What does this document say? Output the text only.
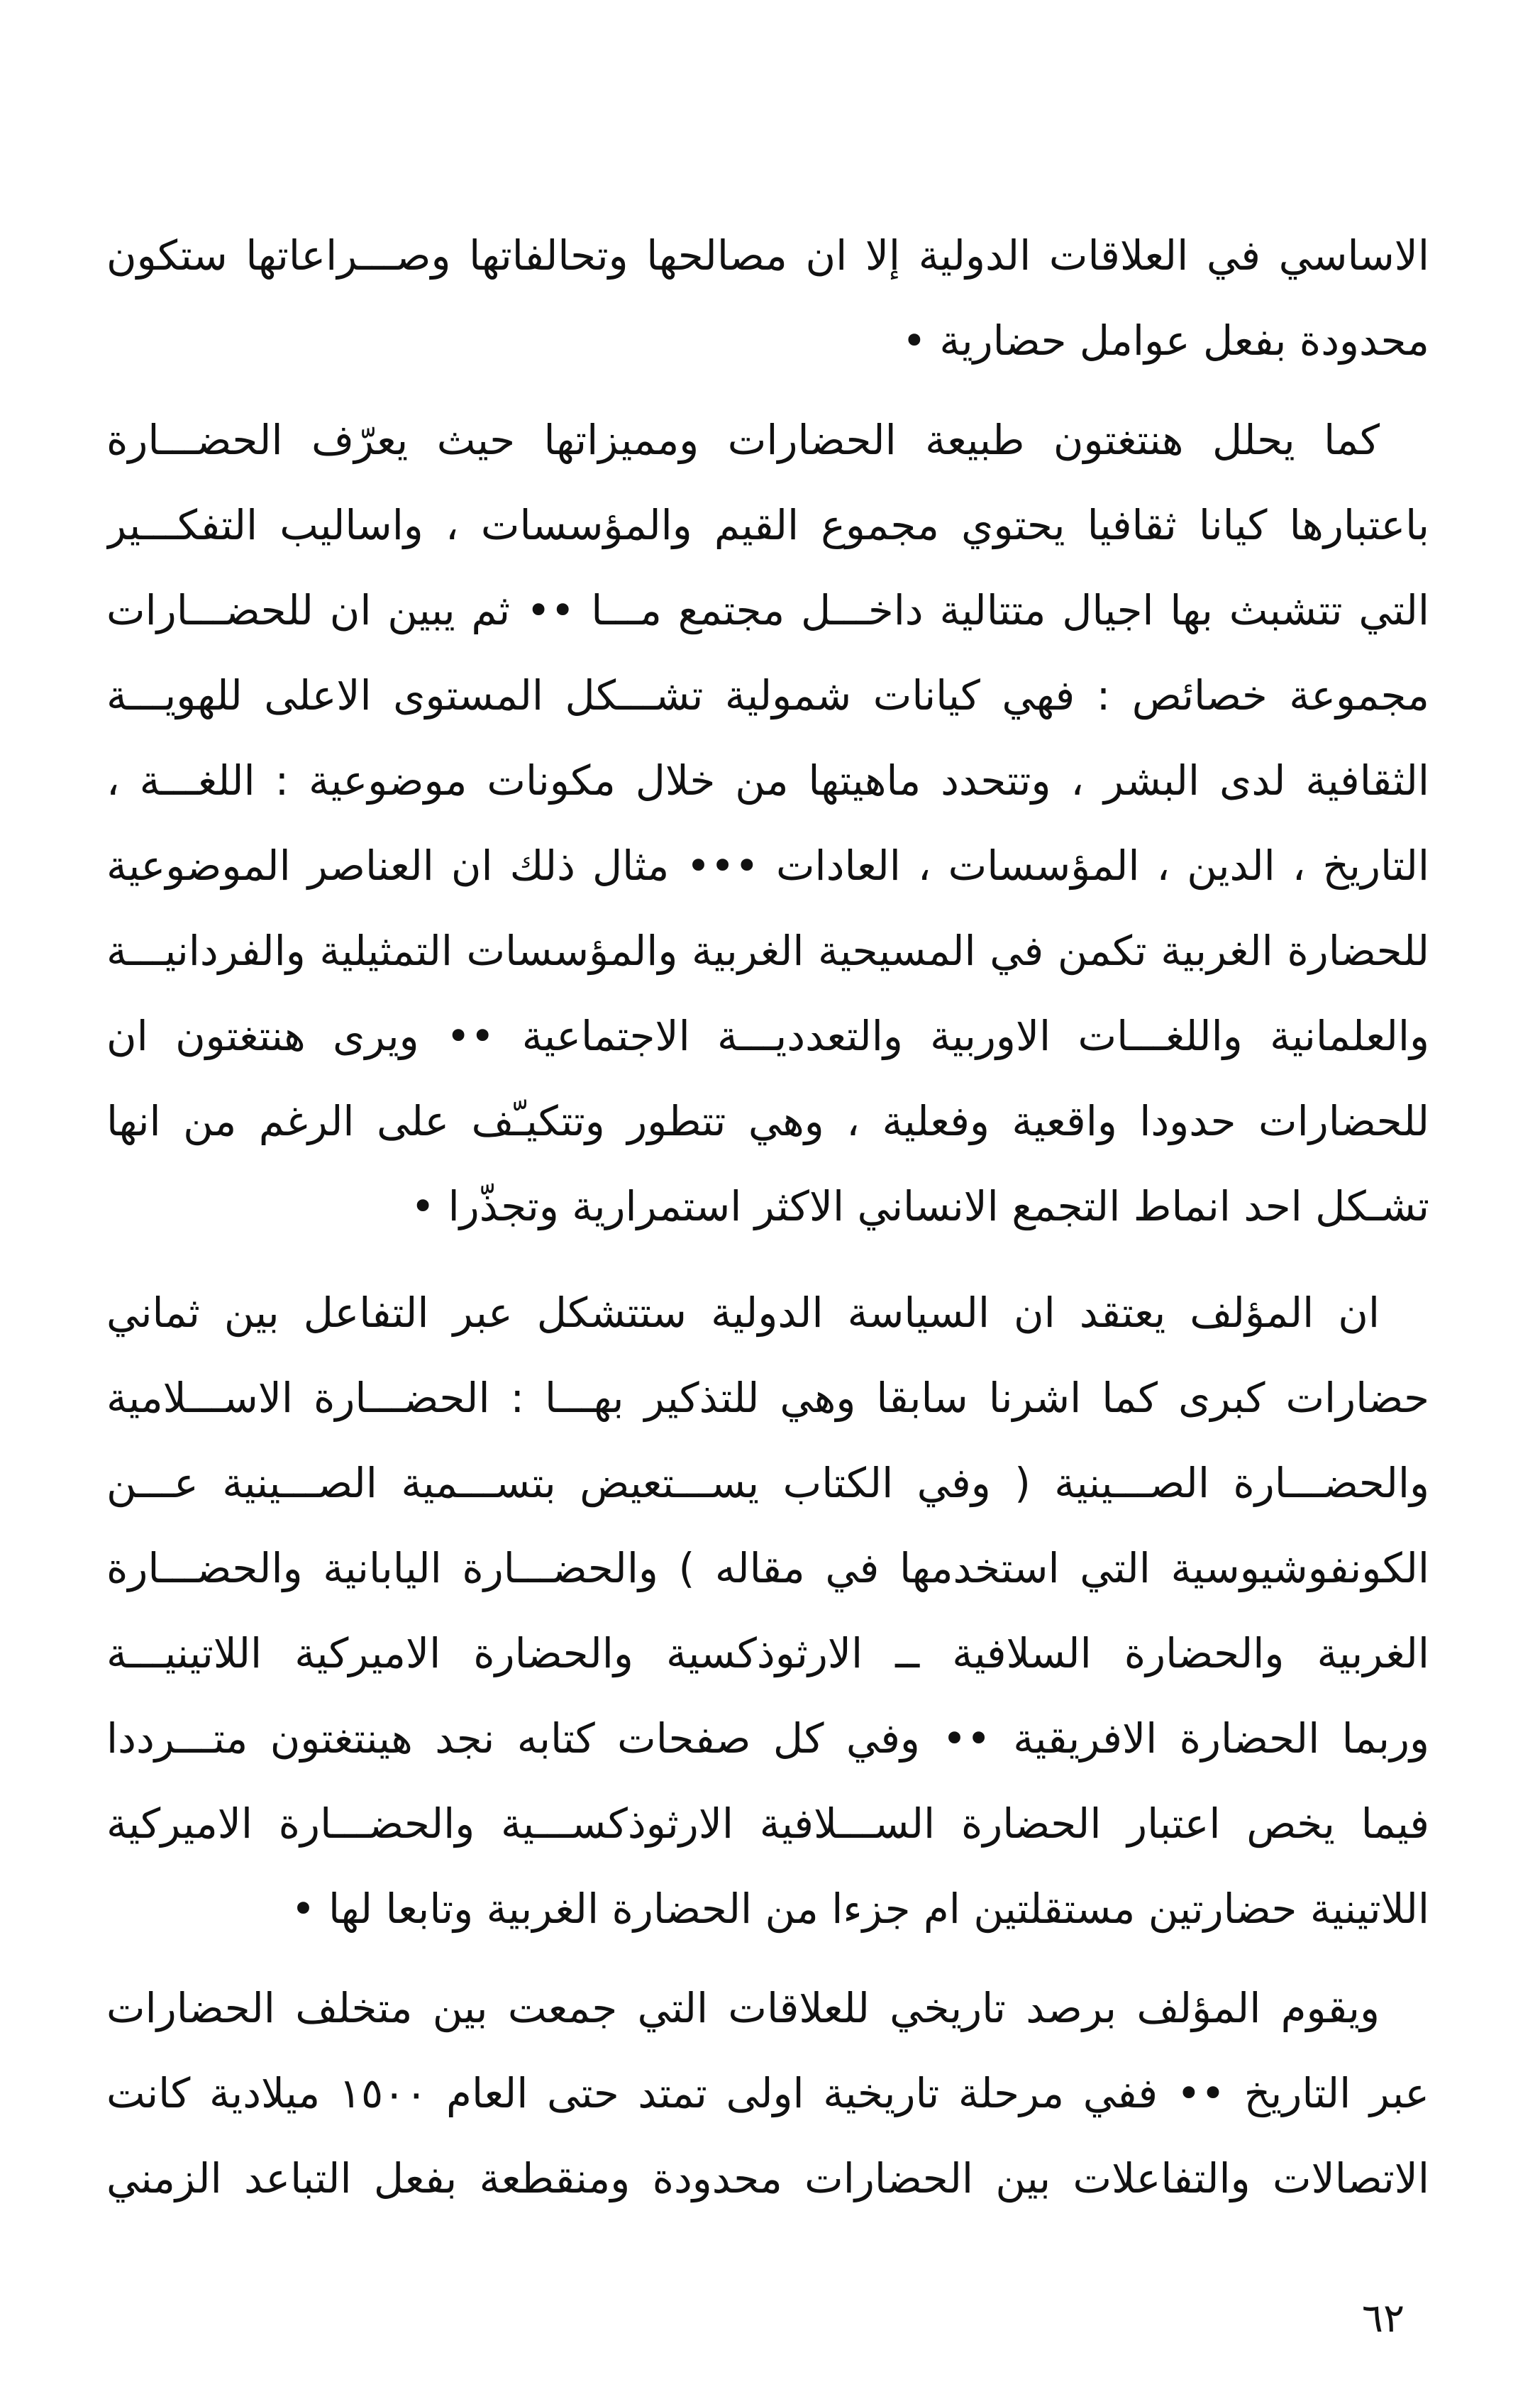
الاساسي في العلاقات الدولية إلا ان مصالحها وتحالفاتها وصـــراعاتها ستكون
محدودة بفعل عوامل حضارية •
كما يحلل هنتغتون طبيعة الحضارات ومميزاتها حيث يعرّف الحضـــارة
باعتبارها كيانا ثقافيا يحتوي مجموع القيم والمؤسسات ، واساليب التفكـــير
التي تتشبث بها اجيال متتالية داخـــل مجتمع مـــا •• ثم يبين ان للحضـــارات
مجموعة خصائص : فهي كيانات شمولية تشـــكل المستوى الاعلى للهويـــة
الثقافية لدى البشر ، وتتحدد ماهيتها من خلال مكونات موضوعية : اللغـــة ،
التاريخ ، الدين ، المؤسسات ، العادات ••• مثال ذلك ان العناصر الموضوعية
للحضارة الغربية تكمن في المسيحية الغربية والمؤسسات التمثيلية والفردانيـــة
والعلمانية واللغـــات الاوربية والتعدديـــة الاجتماعية •• ويرى هنتغتون ان
للحضارات حدودا واقعية وفعلية ، وهي تتطور وتتكيـّف على الرغم من انها
تشـكل احد انماط التجمع الانساني الاكثر استمرارية وتجذّرا •
ان المؤلف يعتقد ان السياسة الدولية ستتشكل عبر التفاعل بين ثماني
حضارات كبرى كما اشرنا سابقا وهي للتذكير بهـــا : الحضـــارة الاســـلامية
والحضـــارة الصـــينية ( وفي الكتاب يســـتعيض بتســـمية الصـــينية عـــن
الكونفوشيوسية التي استخدمها في مقاله ) والحضـــارة اليابانية والحضـــارة
الغربية والحضارة السلافية ــ الارثوذكسية والحضارة الاميركية اللاتينيـــة
وربما الحضارة الافريقية •• وفي كل صفحات كتابه نجد هينتغتون متـــرددا
فيما يخص اعتبار الحضارة الســـلافية الارثوذكســـية والحضـــارة الاميركية
اللاتينية حضارتين مستقلتين ام جزءا من الحضارة الغربية وتابعا لها •
ويقوم المؤلف برصد تاريخي للعلاقات التي جمعت بين متخلف الحضارات
عبر التاريخ •• ففي مرحلة تاريخية اولى تمتد حتى العام ١٥٠٠ ميلادية كانت
الاتصالات والتفاعلات بين الحضارات محدودة ومنقطعة بفعل التباعد الزمني
٦٢
